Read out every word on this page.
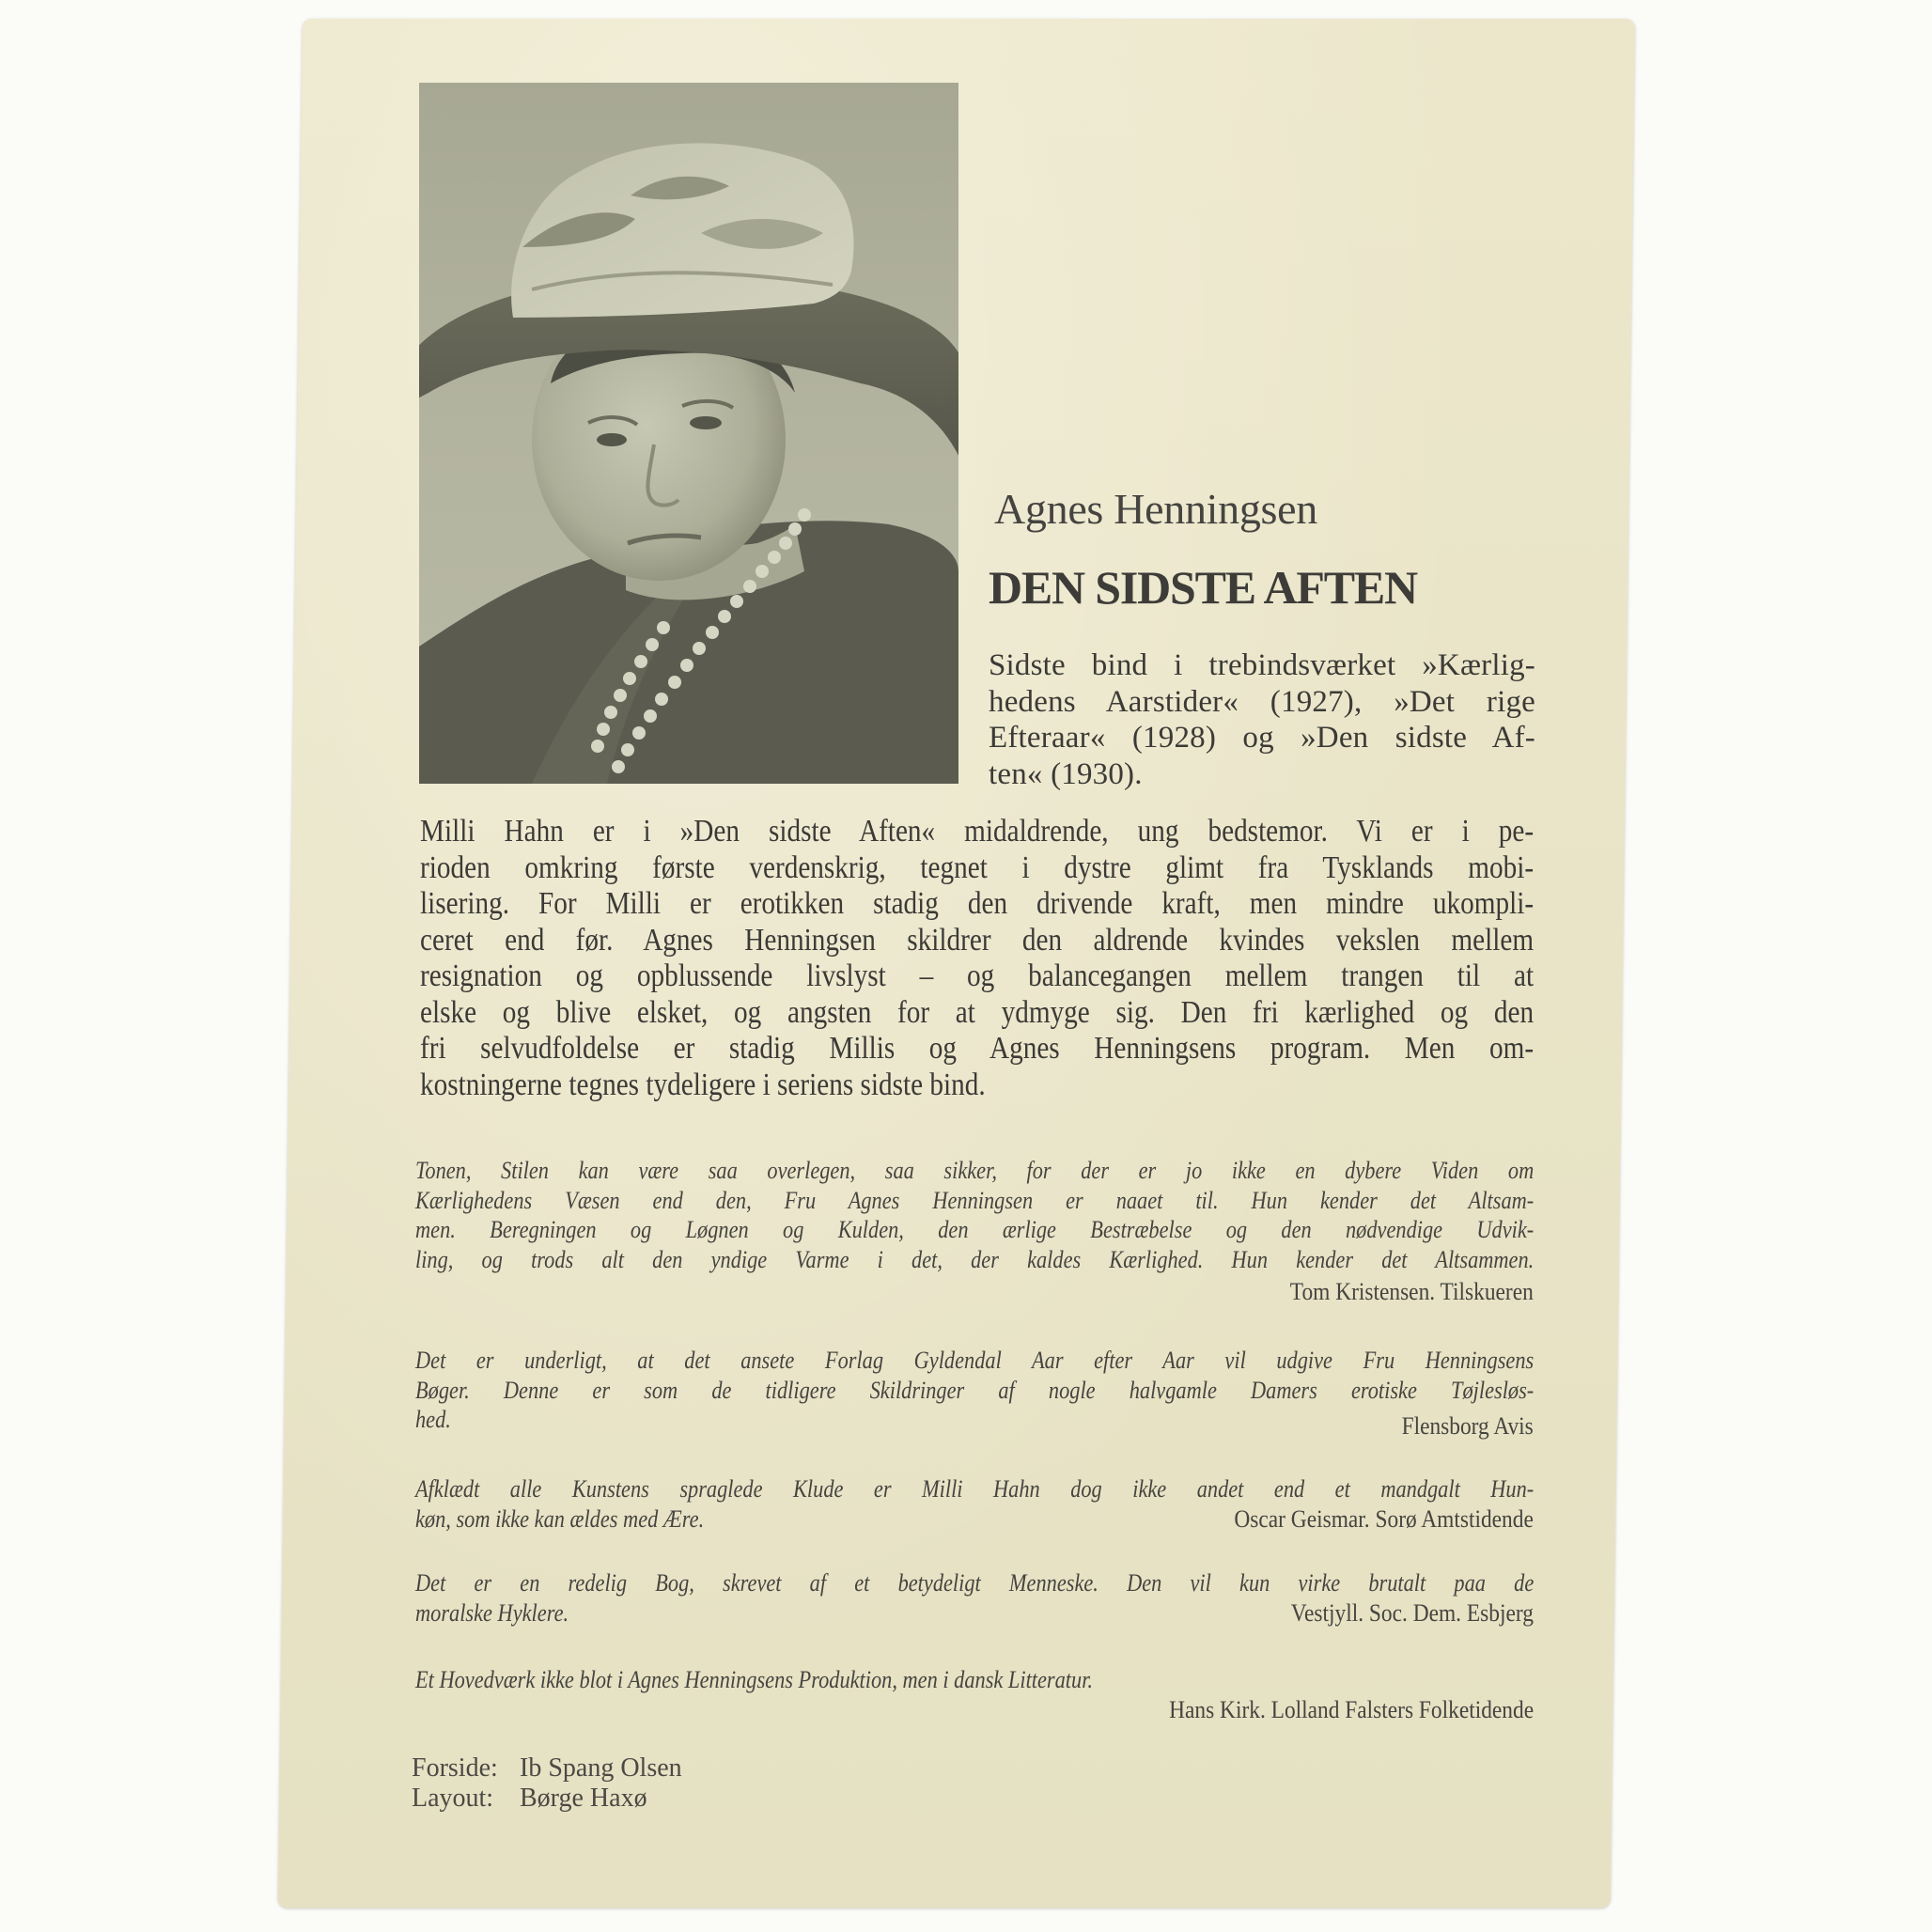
Agnes Henningsen
DEN SIDSTE AFTEN
Sidste bind i trebindsværket »Kærlig-
hedens Aarstider« (1927), »Det rige
Efteraar« (1928) og »Den sidste Af-
ten« (1930).
Milli Hahn er i »Den sidste Aften« midaldrende, ung bedstemor. Vi er i pe-
rioden omkring første verdenskrig, tegnet i dystre glimt fra Tysklands mobi-
lisering. For Milli er erotikken stadig den drivende kraft, men mindre ukompli-
ceret end før. Agnes Henningsen skildrer den aldrende kvindes vekslen mellem
resignation og opblussende livslyst – og balancegangen mellem trangen til at
elske og blive elsket, og angsten for at ydmyge sig. Den fri kærlighed og den
fri selvudfoldelse er stadig Millis og Agnes Henningsens program. Men om-
kostningerne tegnes tydeligere i seriens sidste bind.
Tonen, Stilen kan være saa overlegen, saa sikker, for der er jo ikke en dybere Viden om
Kærlighedens Væsen end den, Fru Agnes Henningsen er naaet til. Hun kender det Altsam-
men. Beregningen og Løgnen og Kulden, den ærlige Bestræbelse og den nødvendige Udvik-
ling, og trods alt den yndige Varme i det, der kaldes Kærlighed. Hun kender det Altsammen.
Tom Kristensen. Tilskueren
Det er underligt, at det ansete Forlag Gyldendal Aar efter Aar vil udgive Fru Henningsens
Bøger. Denne er som de tidligere Skildringer af nogle halvgamle Damers erotiske Tøjlesløs-
hed.	Flensborg Avis
Afklædt alle Kunstens spraglede Klude er Milli Hahn dog ikke andet end et mandgalt Hun-
køn, som ikke kan ældes med Ære.	Oscar Geismar. Sorø Amtstidende
Det er en redelig Bog, skrevet af et betydeligt Menneske. Den vil kun virke brutalt paa de
moralske Hyklere.	Vestjyll. Soc. Dem. Esbjerg
Et Hovedværk ikke blot i Agnes Henningsens Produktion, men i dansk Litteratur.
Hans Kirk. Lolland Falsters Folketidende
Forside: Ib Spang Olsen
Layout: Børge Haxø
